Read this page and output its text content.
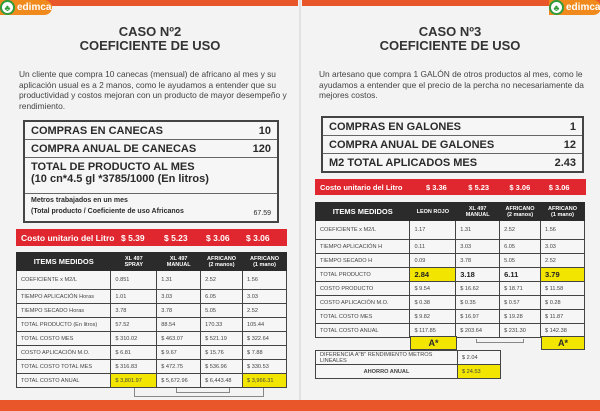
♣ edimca	♣ edimca
CASO Nº2
COEFICIENTE DE USO
Un cliente que compra 10 canecas (mensual) de africano al mes y su aplicación usual es a 2 manos, como le ayudamos a entender que su productividad y costos mejoran con un producto de mayor desempeño y rendimiento.
COMPRAS EN CANECAS	10
COMPRA ANUAL DE CANECAS	120
TOTAL DE PRODUCTO AL MES
(10 cn*4.5 gl *3785/1000 (En litros)
Metros trabajados en un mes
(Total producto / Coeficiente de uso Africanos	67.59
Costo unitario del Litro $ 5.39	$ 5.23	$ 3.06	$ 3.06
ITEMS MEDIDOS	XL 497 SPRAY	XL 497 MANUAL	AFRICANO (2 manos)	AFRICANO (1 mano)
COEFICIENTE x M2/L	0.851	1.31	2.52	1.56
TIEMPO APLICACIÓN Horas	1.01	3.03	6.05	3.03
TIEMPO SECADO Horas	3.78	3.78	5.05	2.52
TOTAL PRODUCTO (En litros)	57.52	88.54	170.33	105.44
TOTAL COSTO MES	$ 310.02	$ 463.07	$ 521.19	$ 322.64
COSTO APLICACIÓN M.O.	$ 6.81	$ 9.67	$ 15.76	$ 7.88
TOTAL COSTO TOTAL MES	$ 316.83	$ 472.75	$ 536.96	$ 330.53
TOTAL COSTO ANUAL	$ 3,801.97	$ 5,672.96	$ 6,443.48	$ 3,966.31
CASO Nº3
COEFICIENTE DE USO
Un artesano que compra 1 GALÓN de otros productos al mes, como le ayudamos a entender que el precio de la percha no necesariamente da mejores costos.
COMPRAS EN GALONES	1
COMPRA ANUAL DE GALONES	12
M2 TOTAL APLICADOS MES	2.43
Costo unitario del Litro	$ 3.36	$ 5.23	$ 3.06	$ 3.06
ITEMS MEDIDOS	LEON ROJO	XL 497 MANUAL	AFRICANO (2 manos)	AFRICANO (1 mano)
COEFICIENTE x M2/L	1.17	1.31	2.52	1.56
TIEMPO APLICACIÓN H	0.11	3.03	6.05	3.03
TIEMPO SECADO H	0.09	3.78	5.05	2.52
TOTAL PRODUCTO	2.84	3.18	6.11	3.79
COSTO PRODUCTO	$ 9.54	$ 16.62	$ 18.71	$ 11.58
COSTO APLICACIÓN M.O.	$ 0.38	$ 0.35	$ 0.57	$ 0.28
TOTAL COSTO MES	$ 9.82	$ 16.97	$ 19.28	$ 11.87
TOTAL COSTO ANUAL	$ 117.85	$ 203.64	$ 231.30	$ 142.38
A*	A*
DIFERENCIA A"B" RENDIMIENTO METROS LINEALES	$ 2.04
AHORRO ANUAL	$ 24.53
